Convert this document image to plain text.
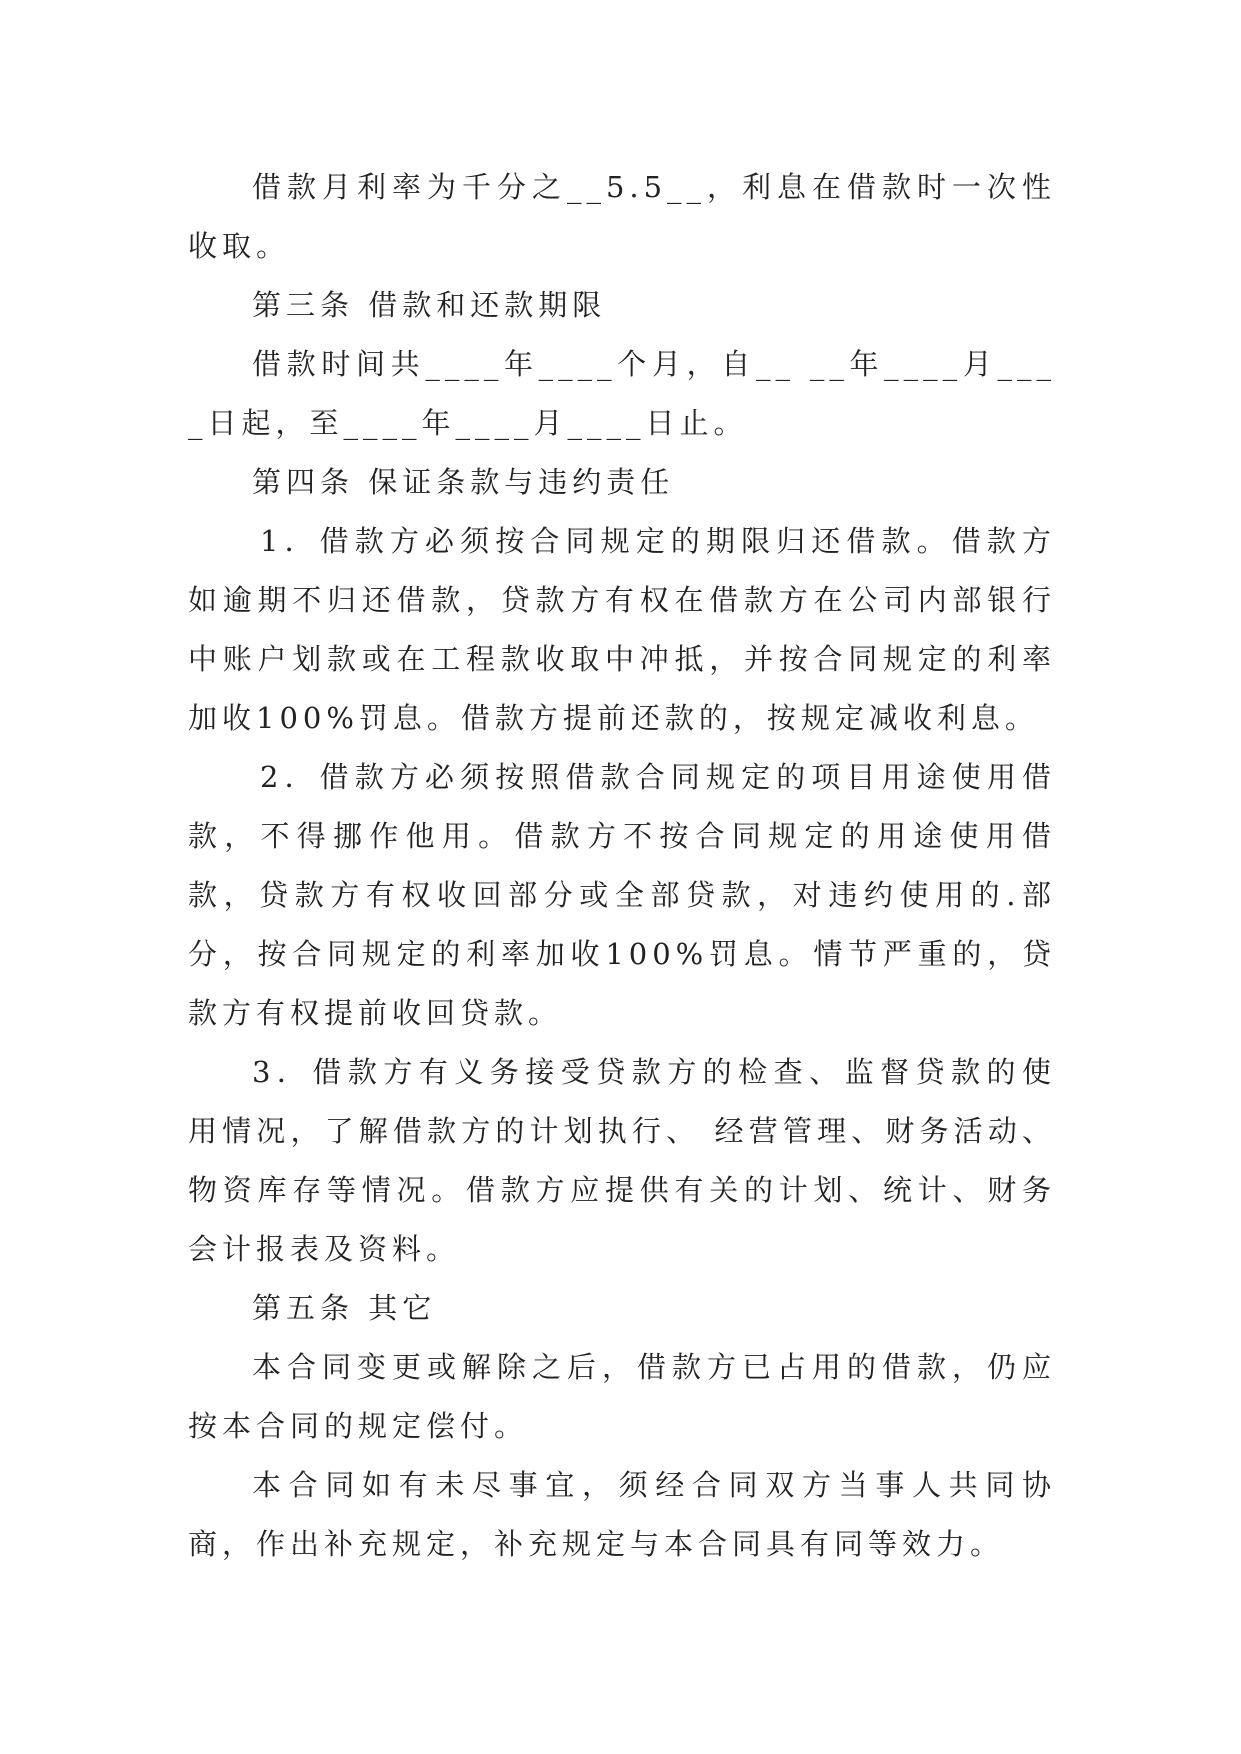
借款月利率为千分之__5.5__，利息在借款时一次性收取。

第三条 借款和还款期限

借款时间共____年____个月，自__ __年____月____日起，至____年____月____日止。

第四条 保证条款与违约责任

1．借款方必须按合同规定的期限归还借款。借款方如逾期不归还借款，贷款方有权在借款方在公司内部银行中账户划款或在工程款收取中冲抵，并按合同规定的利率加收100%罚息。借款方提前还款的，按规定减收利息。

2．借款方必须按照借款合同规定的项目用途使用借款，不得挪作他用。借款方不按合同规定的用途使用借款，贷款方有权收回部分或全部贷款，对违约使用的.部分，按合同规定的利率加收100%罚息。情节严重的，贷款方有权提前收回贷款。

3．借款方有义务接受贷款方的检查、监督贷款的使用情况，了解借款方的计划执行、 经营管理、财务活动、物资库存等情况。借款方应提供有关的计划、统计、财务会计报表及资料。

第五条 其它

本合同变更或解除之后，借款方已占用的借款，仍应按本合同的规定偿付。

本合同如有未尽事宜，须经合同双方当事人共同协商，作出补充规定，补充规定与本合同具有同等效力。
